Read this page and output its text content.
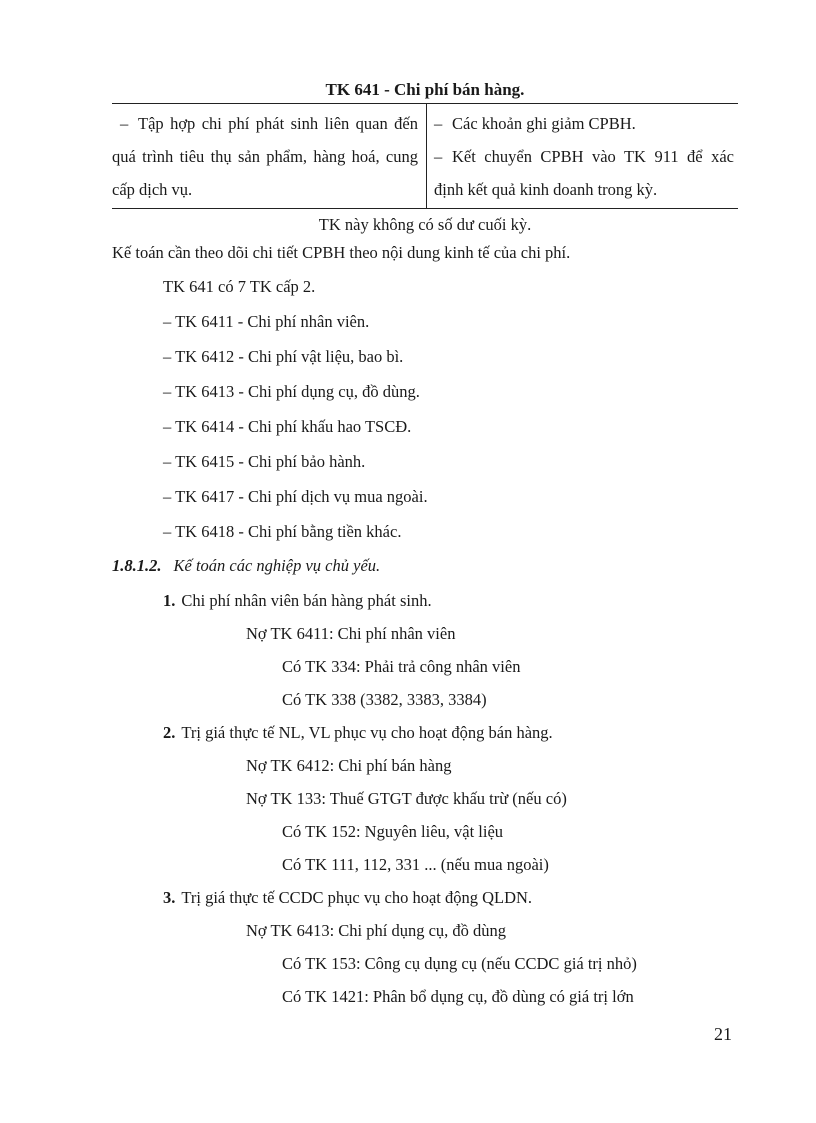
TK 641 - Chi phí bán hàng.
– Tập hợp chi phí phát sinh liên quan đến quá trình tiêu thụ sản phẩm, hàng hoá, cung cấp dịch vụ.
– Các khoản ghi giảm CPBH.
– Kết chuyển CPBH vào TK 911 để xác định kết quả kinh doanh trong kỳ.
TK này không có số dư cuối kỳ.
Kế toán cần theo dõi chi tiết CPBH theo nội dung kinh tế của chi phí.
TK 641 có 7 TK cấp 2.
– TK 6411 - Chi phí nhân viên.
– TK 6412 - Chi phí vật liệu, bao bì.
– TK 6413 - Chi phí dụng cụ, đồ dùng.
– TK 6414 - Chi phí khấu hao TSCĐ.
– TK 6415 - Chi phí bảo hành.
– TK 6417 - Chi phí dịch vụ mua ngoài.
– TK 6418 - Chi phí bằng tiền khác.
1.8.1.2. Kế toán các nghiệp vụ chủ yếu.
1. Chi phí nhân viên bán hàng phát sinh.
Nợ TK 6411: Chi phí nhân viên
Có TK 334: Phải trả công nhân viên
Có TK 338 (3382, 3383, 3384)
2. Trị giá thực tế NL, VL phục vụ cho hoạt động bán hàng.
Nợ TK 6412: Chi phí bán hàng
Nợ TK 133: Thuế GTGT được khấu trừ (nếu có)
Có TK 152: Nguyên liêu, vật liệu
Có TK 111, 112, 331 ... (nếu mua ngoài)
3. Trị giá thực tế CCDC phục vụ cho hoạt động QLDN.
Nợ TK 6413: Chi phí dụng cụ, đồ dùng
Có TK 153: Công cụ dụng cụ (nếu CCDC giá trị nhỏ)
Có TK 1421: Phân bổ dụng cụ, đồ dùng có giá trị lớn
21
